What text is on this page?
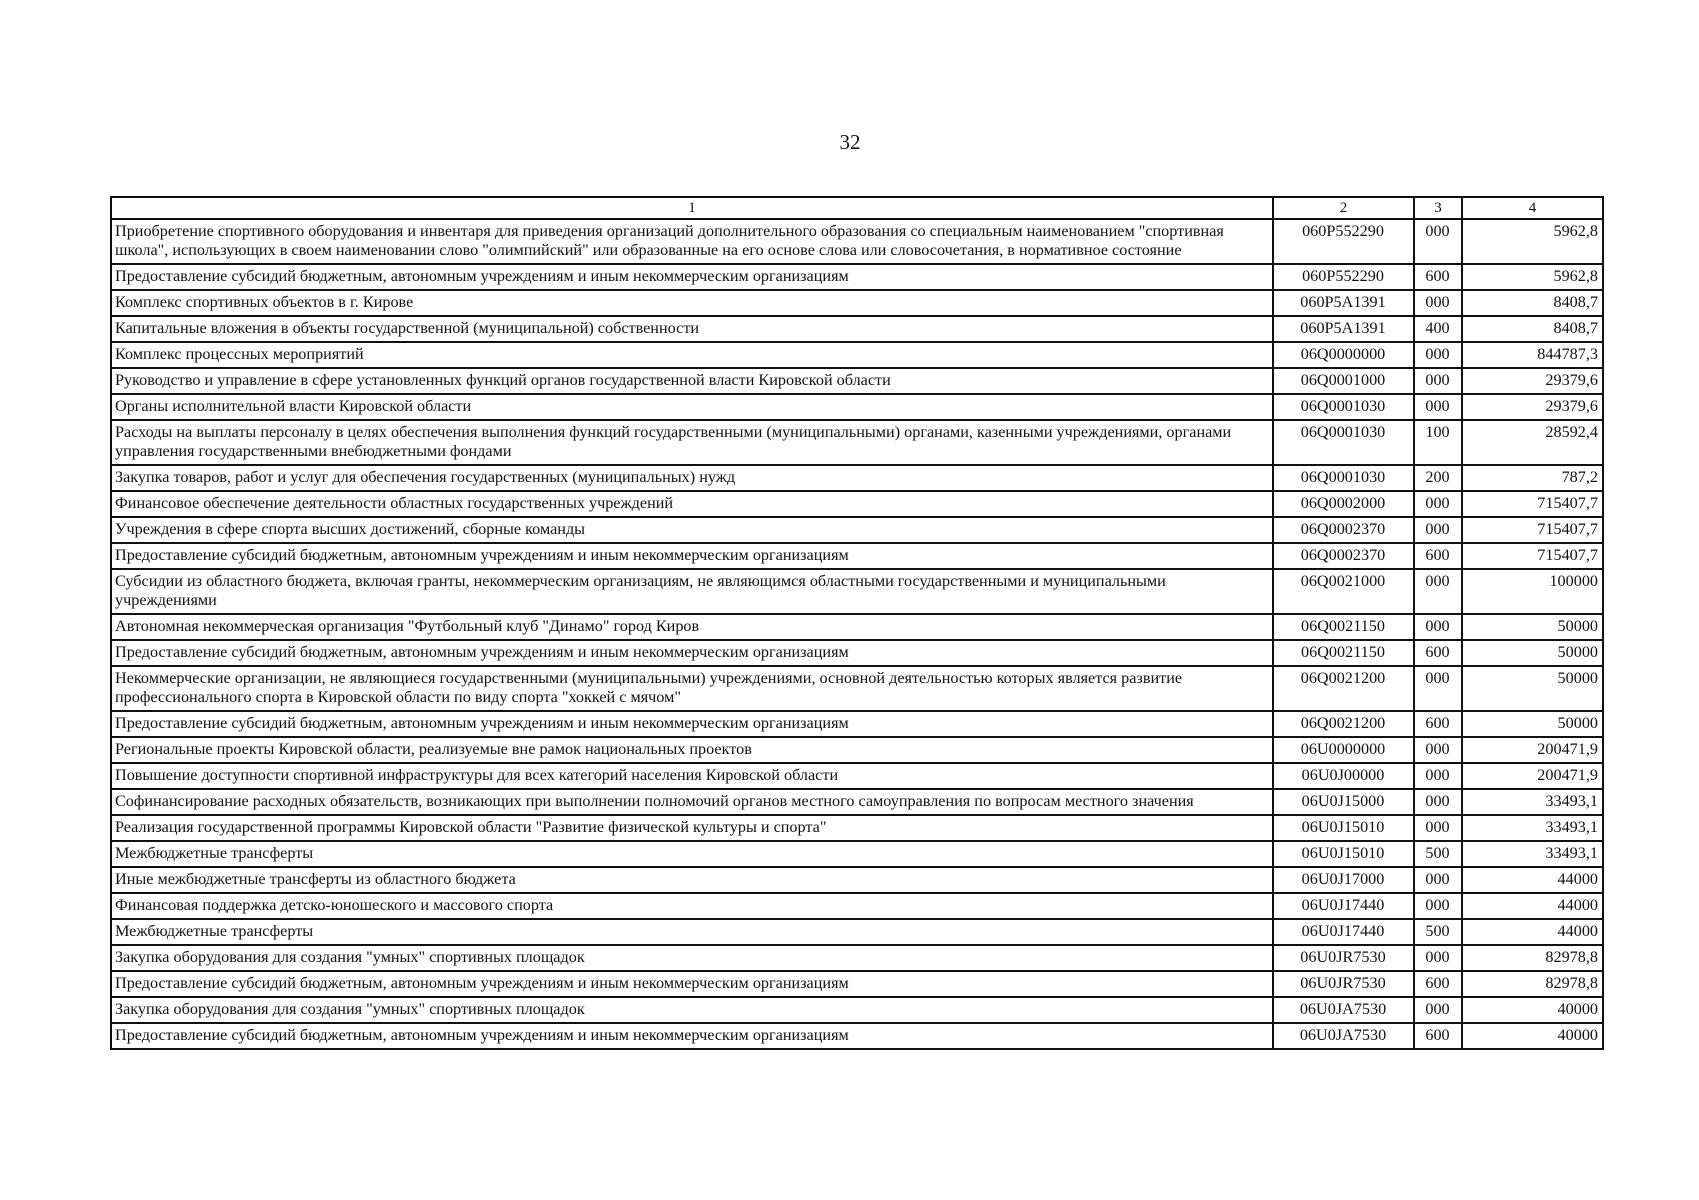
32
1	2	3	4
Приобретение спортивного оборудования и инвентаря для приведения организаций дополнительного образования со специальным наименованием "спортивная школа", использующих в своем наименовании слово "олимпийский" или образованные на его основе слова или словосочетания, в нормативное состояние	060P552290	000	5962,8
Предоставление субсидий бюджетным, автономным учреждениям и иным некоммерческим организациям	060P552290	600	5962,8
Комплекс спортивных объектов в г. Кирове	060P5A1391	000	8408,7
Капитальные вложения в объекты государственной (муниципальной) собственности	060P5A1391	400	8408,7
Комплекс процессных мероприятий	06Q0000000	000	844787,3
Руководство и управление в сфере установленных функций органов государственной власти Кировской области	06Q0001000	000	29379,6
Органы исполнительной власти Кировской области	06Q0001030	000	29379,6
Расходы на выплаты персоналу в целях обеспечения выполнения функций государственными (муниципальными) органами, казенными учреждениями, органами управления государственными внебюджетными фондами	06Q0001030	100	28592,4
Закупка товаров, работ и услуг для обеспечения государственных (муниципальных) нужд	06Q0001030	200	787,2
Финансовое обеспечение деятельности областных государственных учреждений	06Q0002000	000	715407,7
Учреждения в сфере спорта высших достижений, сборные команды	06Q0002370	000	715407,7
Предоставление субсидий бюджетным, автономным учреждениям и иным некоммерческим организациям	06Q0002370	600	715407,7
Субсидии из областного бюджета, включая гранты, некоммерческим организациям, не являющимся областными государственными и муниципальными учреждениями	06Q0021000	000	100000
Автономная некоммерческая организация "Футбольный клуб "Динамо" город Киров	06Q0021150	000	50000
Предоставление субсидий бюджетным, автономным учреждениям и иным некоммерческим организациям	06Q0021150	600	50000
Некоммерческие организации, не являющиеся государственными (муниципальными) учреждениями, основной деятельностью которых является развитие профессионального спорта в Кировской области по виду спорта "хоккей с мячом"	06Q0021200	000	50000
Предоставление субсидий бюджетным, автономным учреждениям и иным некоммерческим организациям	06Q0021200	600	50000
Региональные проекты Кировской области, реализуемые вне рамок национальных проектов	06U0000000	000	200471,9
Повышение доступности спортивной инфраструктуры для всех категорий населения Кировской области	06U0J00000	000	200471,9
Софинансирование расходных обязательств, возникающих при выполнении полномочий органов местного самоуправления по вопросам местного значения	06U0J15000	000	33493,1
Реализация государственной программы Кировской области "Развитие физической культуры и спорта"	06U0J15010	000	33493,1
Межбюджетные трансферты	06U0J15010	500	33493,1
Иные межбюджетные трансферты из областного бюджета	06U0J17000	000	44000
Финансовая поддержка детско-юношеского и массового спорта	06U0J17440	000	44000
Межбюджетные трансферты	06U0J17440	500	44000
Закупка оборудования для создания "умных" спортивных площадок	06U0JR7530	000	82978,8
Предоставление субсидий бюджетным, автономным учреждениям и иным некоммерческим организациям	06U0JR7530	600	82978,8
Закупка оборудования для создания "умных" спортивных площадок	06U0JA7530	000	40000
Предоставление субсидий бюджетным, автономным учреждениям и иным некоммерческим организациям	06U0JA7530	600	40000
